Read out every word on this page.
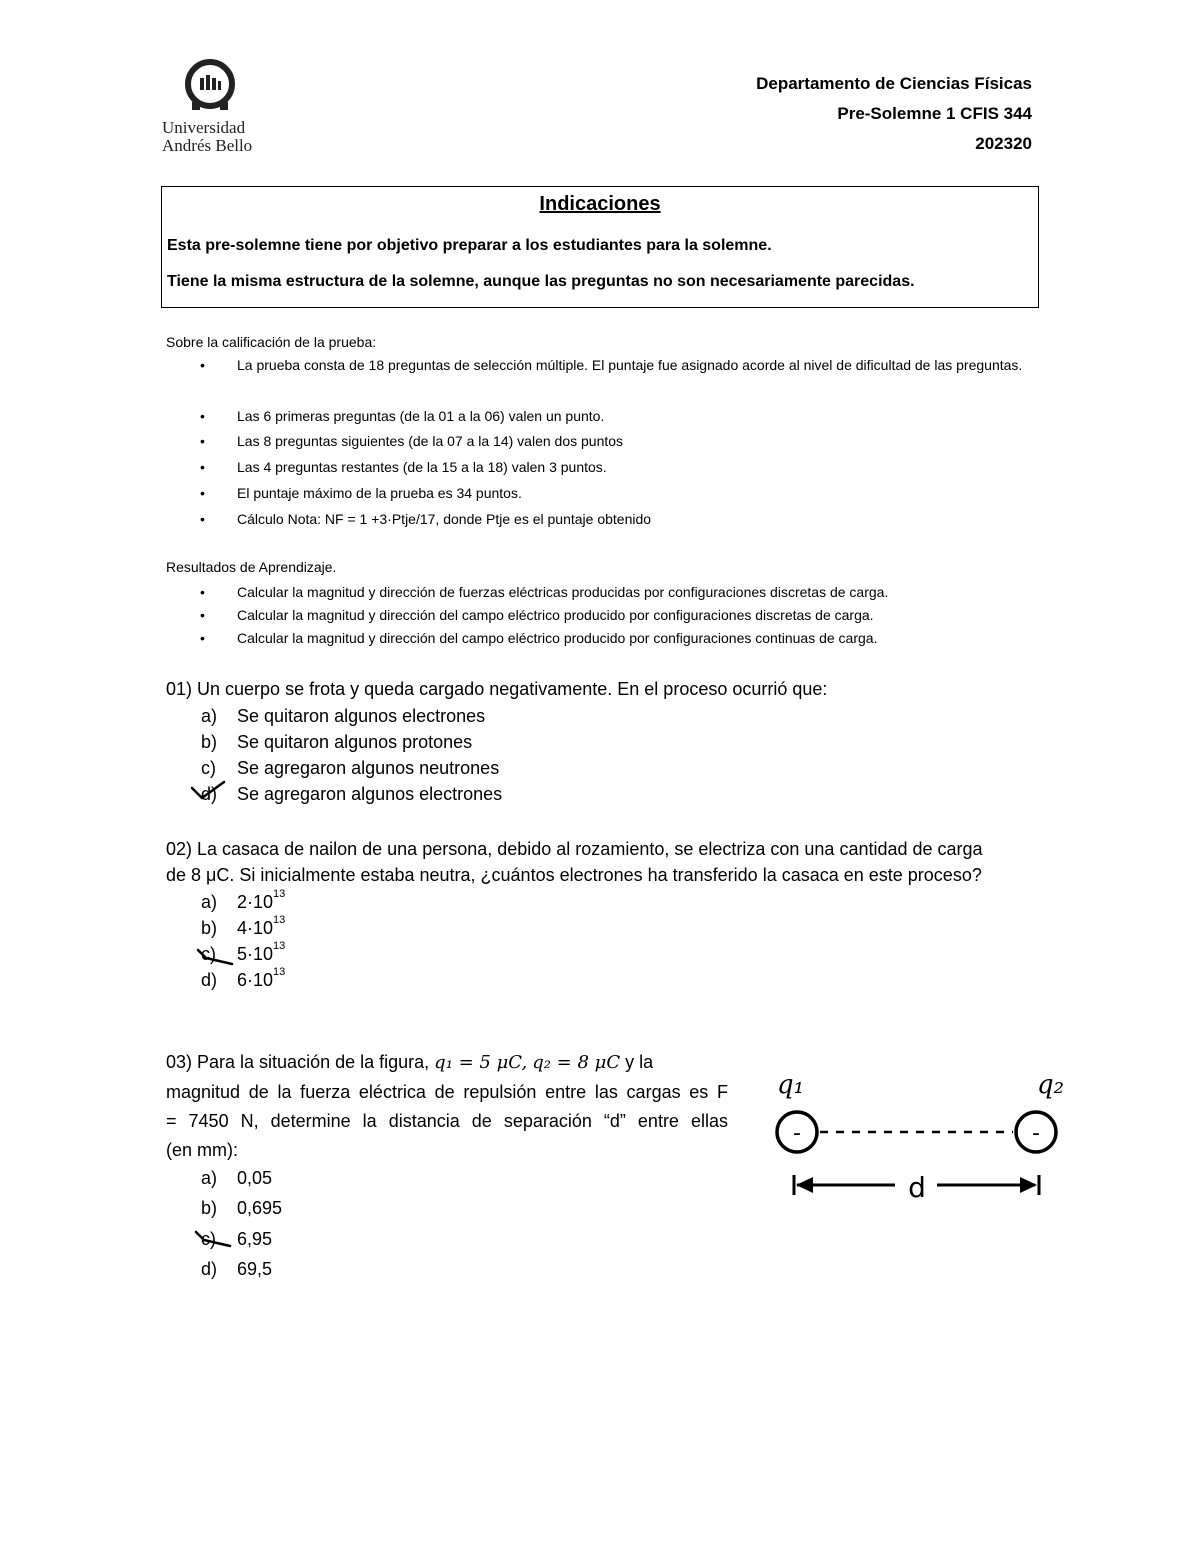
Universidad
Andrés Bello
Departamento de Ciencias Físicas
Pre-Solemne 1 CFIS 344
202320
Indicaciones
Esta pre-solemne tiene por objetivo preparar a los estudiantes para la solemne.
Tiene la misma estructura de la solemne, aunque las preguntas no son necesariamente parecidas.
Sobre la calificación de la prueba:
• La prueba consta de 18 preguntas de selección múltiple. El puntaje fue asignado acorde al nivel de dificultad de las preguntas.
• Las 6 primeras preguntas (de la 01 a la 06) valen un punto.
• Las 8 preguntas siguientes (de la 07 a la 14) valen dos puntos
• Las 4 preguntas restantes (de la 15 a la 18) valen 3 puntos.
• El puntaje máximo de la prueba es 34 puntos.
• Cálculo Nota: NF = 1 +3·Ptje/17, donde Ptje es el puntaje obtenido
Resultados de Aprendizaje.
• Calcular la magnitud y dirección de fuerzas eléctricas producidas por configuraciones discretas de carga.
• Calcular la magnitud y dirección del campo eléctrico producido por configuraciones discretas de carga.
• Calcular la magnitud y dirección del campo eléctrico producido por configuraciones continuas de carga.
01) Un cuerpo se frota y queda cargado negativamente. En el proceso ocurrió que:
a) Se quitaron algunos electrones
b) Se quitaron algunos protones
c) Se agregaron algunos neutrones
d) Se agregaron algunos electrones
02) La casaca de nailon de una persona, debido al rozamiento, se electriza con una cantidad de carga
de 8 μC. Si inicialmente estaba neutra, ¿cuántos electrones ha transferido la casaca en este proceso?
a) $2\cdot 10^{13}$
b) $4\cdot 10^{13}$
c) $5\cdot 10^{13}$
d) $6\cdot 10^{13}$
03) Para la situación de la figura, q₁ = 5 μC, q₂ = 8 μC y la
magnitud de la fuerza eléctrica de repulsión entre las cargas es F
= 7450 N, determine la distancia de separación “d” entre ellas
(en mm):
a) 0,05
b) 0,695
c) 6,95
d) 69,5
q₁	q₂
-	-
d
